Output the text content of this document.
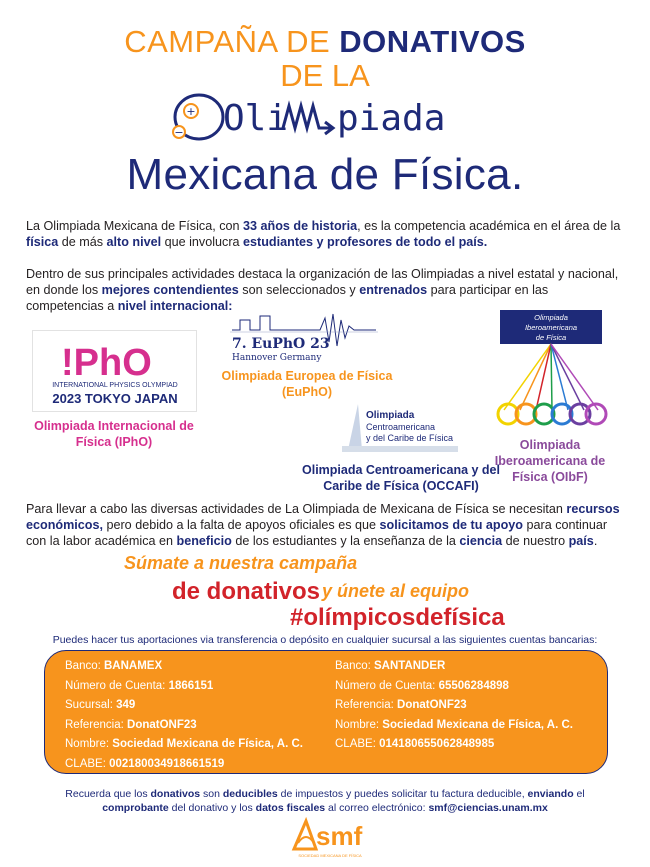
CAMPAÑA DE DONATIVOS
DE LA
+
− Oli piada
Mexicana de Física.
La Olimpiada Mexicana de Física, con 33 años de historia, es la competencia académica en el área de la física de más alto nivel que involucra estudiantes y profesores de todo el país.
Dentro de sus principales actividades destaca la organización de las Olimpiadas a nivel estatal y nacional, en donde los mejores contendientes son seleccionados y entrenados para participar en las competencias a nivel internacional:
!PhO
INTERNATIONAL PHYSICS OLYMPIAD
2023 TOKYO JAPAN
Olimpiada Internacional de Física (IPhO)
7. EuPhO 23
Hannover Germany
Olimpiada Europea de Física (EuPhO)
Olimpiada
Centroamericana
y del Caribe de Física
Olimpiada Centroamericana y del Caribe de Física (OCCAFI)
Olimpiada
Iberoamericana
de Física
Olimpiada Iberoamericana de Física (OIbF)
Para llevar a cabo las diversas actividades de La Olimpiada de Mexicana de Física se necesitan recursos económicos, pero debido a la falta de apoyos oficiales es que solicitamos de tu apoyo para continuar con la labor académica en beneficio de los estudiantes y la enseñanza de la ciencia de nuestro país.
Súmate a nuestra campaña
de donativos y únete al equipo
#olímpicosdefísica
Puedes hacer tus aportaciones via transferencia o depósito en cualquier sucursal a las siguientes cuentas bancarias:
Banco: BANAMEX
Número de Cuenta: 1866151
Sucursal: 349
Referencia: DonatONF23
Nombre: Sociedad Mexicana de Física, A. C.
CLABE: 002180034918661519
Banco: SANTANDER
Número de Cuenta: 65506284898
Referencia: DonatONF23
Nombre: Sociedad Mexicana de Física, A. C.
CLABE: 014180655062848985
Recuerda que los donativos son deducibles de impuestos y puedes solicitar tu factura deducible, enviando el comprobante del donativo y los datos fiscales al correo electrónico: smf@ciencias.unam.mx
smf
SOCIEDAD MEXICANA DE FÍSICA
